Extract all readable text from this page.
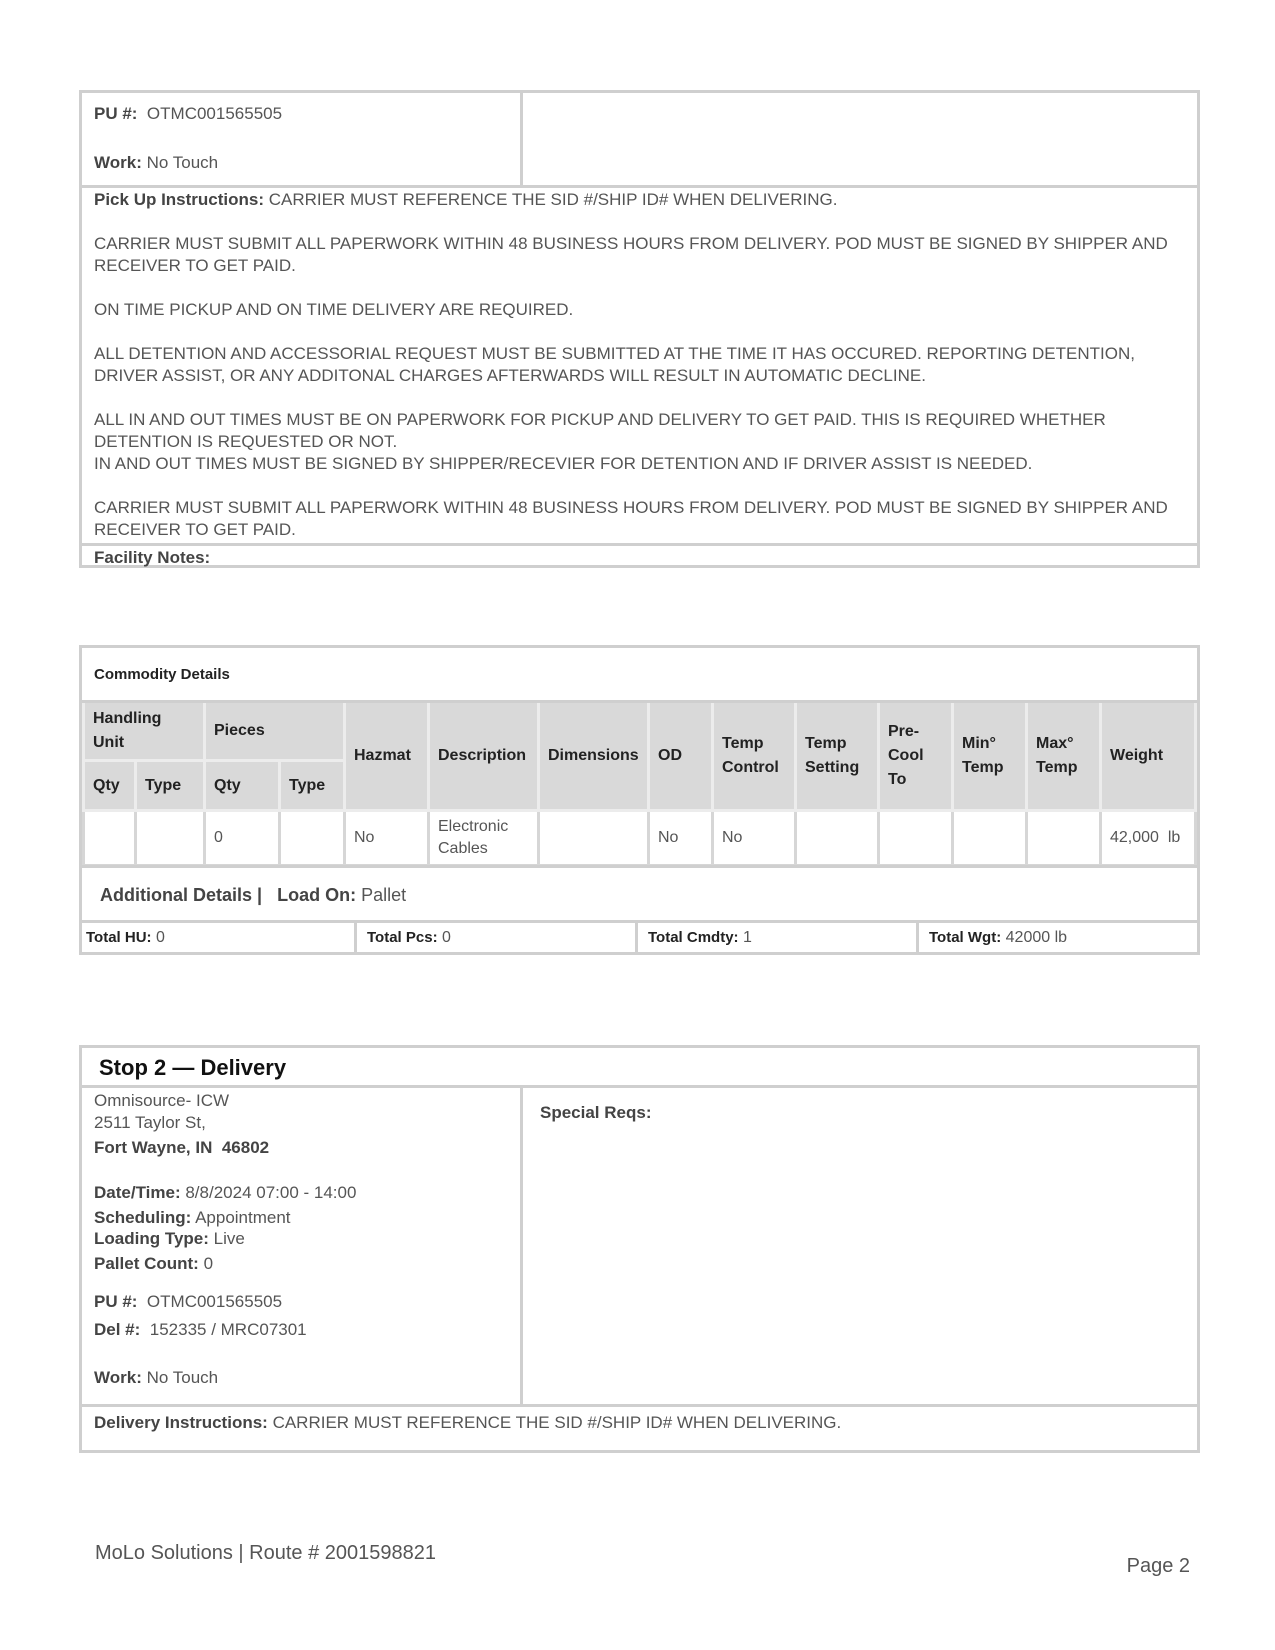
PU #: OTMC001565505
Work: No Touch

Pick Up Instructions: CARRIER MUST REFERENCE THE SID #/SHIP ID# WHEN DELIVERING.

CARRIER MUST SUBMIT ALL PAPERWORK WITHIN 48 BUSINESS HOURS FROM DELIVERY. POD MUST BE SIGNED BY SHIPPER AND RECEIVER TO GET PAID.

ON TIME PICKUP AND ON TIME DELIVERY ARE REQUIRED.

ALL DETENTION AND ACCESSORIAL REQUEST MUST BE SUBMITTED AT THE TIME IT HAS OCCURED. REPORTING DETENTION, DRIVER ASSIST, OR ANY ADDITONAL CHARGES AFTERWARDS WILL RESULT IN AUTOMATIC DECLINE.

ALL IN AND OUT TIMES MUST BE ON PAPERWORK FOR PICKUP AND DELIVERY TO GET PAID. THIS IS REQUIRED WHETHER DETENTION IS REQUESTED OR NOT.

IN AND OUT TIMES MUST BE SIGNED BY SHIPPER/RECEVIER FOR DETENTION AND IF DRIVER ASSIST IS NEEDED.

CARRIER MUST SUBMIT ALL PAPERWORK WITHIN 48 BUSINESS HOURS FROM DELIVERY. POD MUST BE SIGNED BY SHIPPER AND RECEIVER TO GET PAID.

Facility Notes:
Commodity Details
Handling Unit		Pieces		Hazmat	Description	Dimensions	OD	Temp Control	Temp Setting	Pre-Cool To	Min° Temp	Max° Temp	Weight
Qty	Type	Qty	Type										
		0		No	Electronic Cables		No	No					42,000  lb
Additional Details | Load On: Pallet
Total HU: 0	Total Pcs: 0	Total Cmdty: 1	Total Wgt: 42000 lb
Stop 2 — Delivery
Omnisource- ICW
2511 Taylor St,
Fort Wayne, IN  46802
Date/Time: 8/8/2024 07:00 - 14:00
Scheduling: Appointment
Loading Type: Live
Pallet Count: 0
PU #: OTMC001565505
Del #: 152335 / MRC07301
Work: No Touch
Special Reqs:
Delivery Instructions: CARRIER MUST REFERENCE THE SID #/SHIP ID# WHEN DELIVERING.
MoLo Solutions | Route # 2001598821
Page 2
